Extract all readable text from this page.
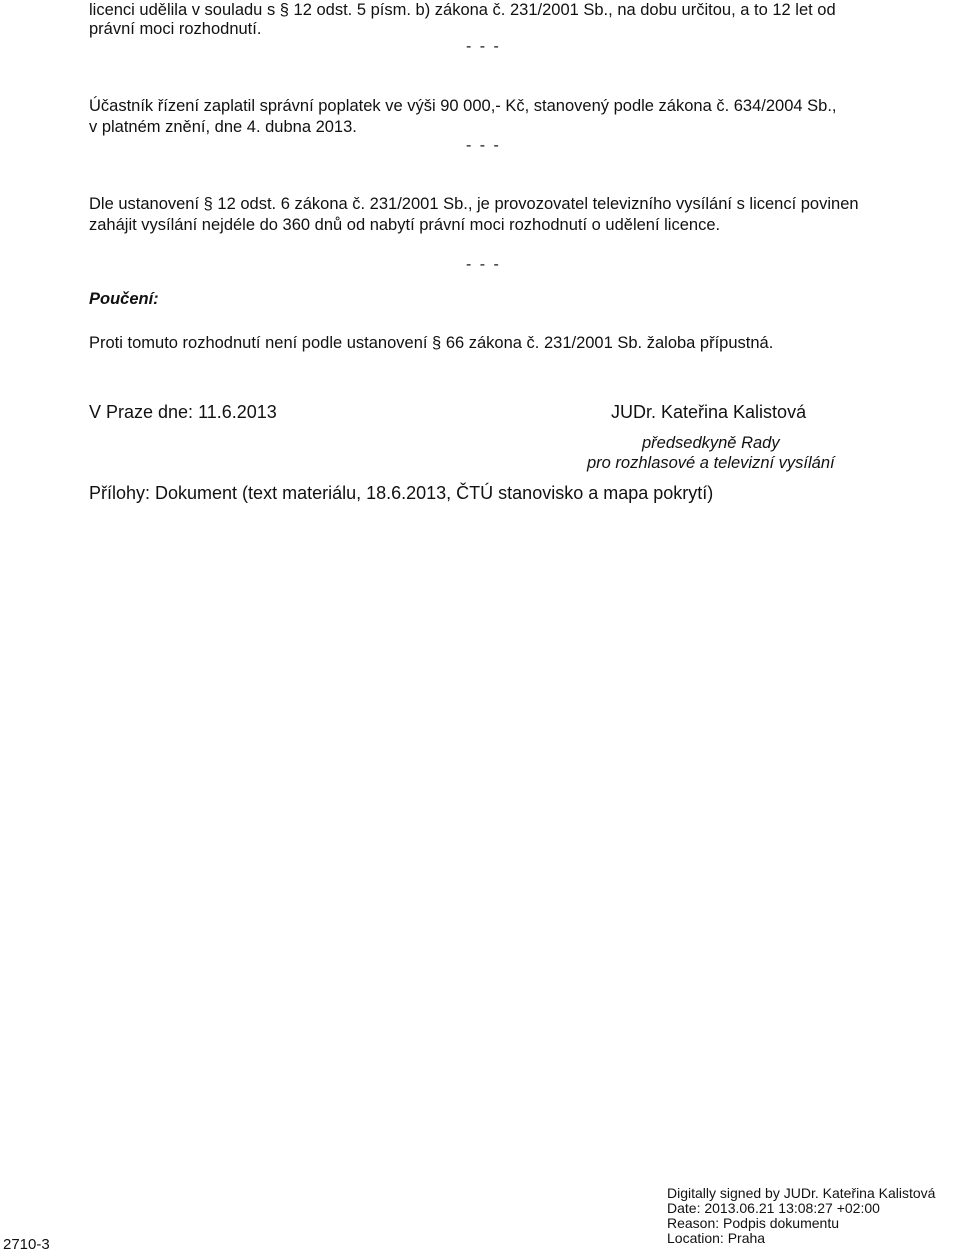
licenci udělila v souladu s § 12 odst. 5 písm. b) zákona č. 231/2001 Sb., na dobu určitou, a to 12 let od
právní moci rozhodnutí.
- - -
Účastník řízení zaplatil správní poplatek ve výši 90 000,- Kč, stanovený podle zákona č. 634/2004 Sb.,
v platném znění, dne 4. dubna 2013.
- - -
Dle ustanovení § 12 odst. 6 zákona č. 231/2001 Sb., je provozovatel televizního vysílání s licencí povinen
zahájit vysílání nejdéle do 360 dnů od nabytí právní moci rozhodnutí o udělení licence.
- - -
Poučení:
Proti tomuto rozhodnutí není podle ustanovení § 66 zákona č. 231/2001 Sb. žaloba přípustná.
V Praze dne: 11.6.2013	JUDr. Kateřina Kalistová
předsedkyně Rady
pro rozhlasové a televizní vysílání
Přílohy: Dokument (text materiálu, 18.6.2013, ČTÚ stanovisko a mapa pokrytí)
Digitally signed by JUDr. Kateřina Kalistová
Date: 2013.06.21 13:08:27 +02:00
Reason: Podpis dokumentu
Location: Praha
2710-3
